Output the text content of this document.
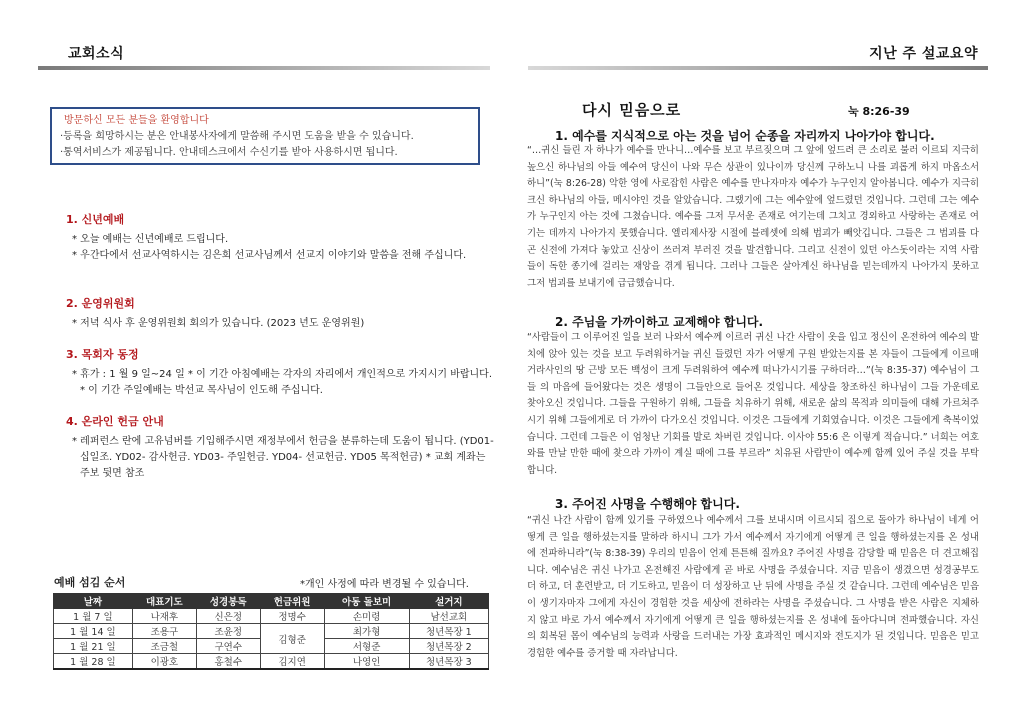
교회소식
방문하신 모든 분들을 환영합니다
·등록을 희망하시는 분은 안내봉사자에게 말씀해 주시면 도움을 받을 수 있습니다.
·통역서비스가 제공됩니다. 안내데스크에서 수신기를 받아 사용하시면 됩니다.
1. 신년예배
* 오늘 예배는 신년예배로 드립니다.
* 우간다에서 선교사역하시는 김은희 선교사님께서 선교지 이야기와 말씀을 전해 주십니다.
2. 운영위원회
* 저녁 식사 후 운영위원회 회의가 있습니다. (2023 년도 운영위원)
3. 목회자 동정
* 휴가 : 1 월 9 일~24 일 * 이 기간 아침예배는 각자의 자리에서 개인적으로 가지시기 바랍니다. * 이 기간 주일예배는 박선교 목사님이 인도해 주십니다.
4. 온라인 헌금 안내
* 레퍼런스 란에 고유넘버를 기입해주시면 재정부에서 헌금을 분류하는데 도움이 됩니다. (YD01- 십일조. YD02- 감사헌금. YD03- 주일헌금. YD04- 선교헌금. YD05 목적헌금) * 교회 계좌는 주보 뒷면 참조
예배 섬김 순서	*개인 사정에 따라 변경될 수 있습니다.
날짜	대표기도	성경봉독	헌금위원	아동 돌보미	설거지
1 월 7 일	나재후	신은정	정명수	손미령	남선교회
1 월 14 일	조용구	조윤정	김형준	최가형	청년목장 1
1 월 21 일	조금철	구연수		서형준	청년목장 2
1 월 28 일	이광호	홍철수	김지연	나영인	청년목장 3
지난 주 설교요약
다시 믿음으로	눅 8:26-39
1. 예수를 지식적으로 아는 것을 넘어 순종을 자리까지 나아가야 합니다.
“…귀신 들린 자 하나가 예수를 만나니…예수를 보고 부르짖으며 그 앞에 엎드려 큰 소리로 불러 이르되 지극히 높으신 하나님의 아들 예수여 당신이 나와 무슨 상관이 있나이까 당신께 구하노니 나를 괴롭게 하지 마옵소서 하니”(눅 8:26-28) 악한 영에 사로잡힌 사람은 예수를 만나자마자 예수가 누구인지 알아봅니다. 예수가 지극히 크신 하나님의 아들, 메시야인 것을 알았습니다. 그랬기에 그는 예수앞에 엎드렸던 것입니다. 그런데 그는 예수가 누구인지 아는 것에 그쳤습니다. 예수를 그저 무서운 존재로 여기는데 그치고 경외하고 사랑하는 존재로 여기는 데까지 나아가지 못했습니다. 엘리제사장 시절에 블레셋에 의해 법괴가 빼앗깁니다. 그들은 그 법괴를 다곤 신전에 가져다 놓았고 신상이 쓰러져 부러진 것을 발견합니다. 그리고 신전이 있던 아스돗이라는 지역 사람들이 독한 종기에 걸리는 재앙을 겪게 됩니다. 그러나 그들은 살아계신 하나님을 믿는데까지 나아가지 못하고 그저 법괴를 보내기에 급급했습니다.
2. 주님을 가까이하고 교제해야 합니다.
“사람들이 그 이루어진 일을 보러 나와서 예수께 이르러 귀신 나간 사람이 옷을 입고 정신이 온전하여 예수의 발치에 앉아 있는 것을 보고 두려워하거늘 귀신 들렸던 자가 어떻게 구원 받았는지를 본 자들이 그들에게 이르매 거라사인의 땅 근방 모든 백성이 크게 두려워하여 예수께 떠나가시기를 구하더라…”(눅 8:35-37) 예수님이 그들 의 마음에 들어왔다는 것은 생명이 그들안으로 들어온 것입니다. 세상을 창조하신 하나님이 그들 가운데로 찾아오신 것입니다. 그들을 구원하기 위해, 그들을 치유하기 위해, 새로운 삶의 목적과 의미들에 대해 가르쳐주시기 위해 그들에게로 더 가까이 다가오신 것입니다. 이것은 그들에게 기회였습니다. 이것은 그들에게 축복이었습니다. 그런데 그들은 이 엄청난 기회를 발로 차버린 것입니다. 이사야 55:6 은 이렇게 적습니다.” 너희는 여호와를 만날 만한 때에 찾으라 가까이 계실 때에 그를 부르라” 치유된 사람만이 예수께 함께 있어 주실 것을 부탁합니다.
3. 주어진 사명을 수행해야 합니다.
“귀신 나간 사람이 함께 있기를 구하였으나 예수께서 그를 보내시며 이르시되 집으로 돌아가 하나님이 네게 어떻게 큰 일을 행하셨는지를 말하라 하시니 그가 가서 예수께서 자기에게 어떻게 큰 일을 행하셨는지를 온 성내에 전파하니라”(눅 8:38-39) 우리의 믿음이 언제 튼튼해 질까요? 주어진 사명을 감당할 때 믿음은 더 견고해집니다. 예수님은 귀신 나가고 온전해진 사람에게 곧 바로 사명을 주셨습니다. 지금 믿음이 생겼으면 성경공부도 더 하고, 더 훈련받고, 더 기도하고, 믿음이 더 성장하고 난 뒤에 사명을 주실 것 같습니다. 그런데 예수님은 믿음이 생기자마자 그에게 자신이 경험한 것을 세상에 전하라는 사명을 주셨습니다. 그 사명을 받은 사람은 지체하지 않고 바로 가서 예수께서 자기에게 어떻게 큰 일을 행하셨는지를 온 성내에 돌아다니며 전파했습니다. 자신의 회복된 몸이 예수님의 능력과 사랑을 드러내는 가장 효과적인 메시지와 전도지가 된 것입니다. 믿음은 믿고 경험한 예수를 증거할 때 자라납니다.
